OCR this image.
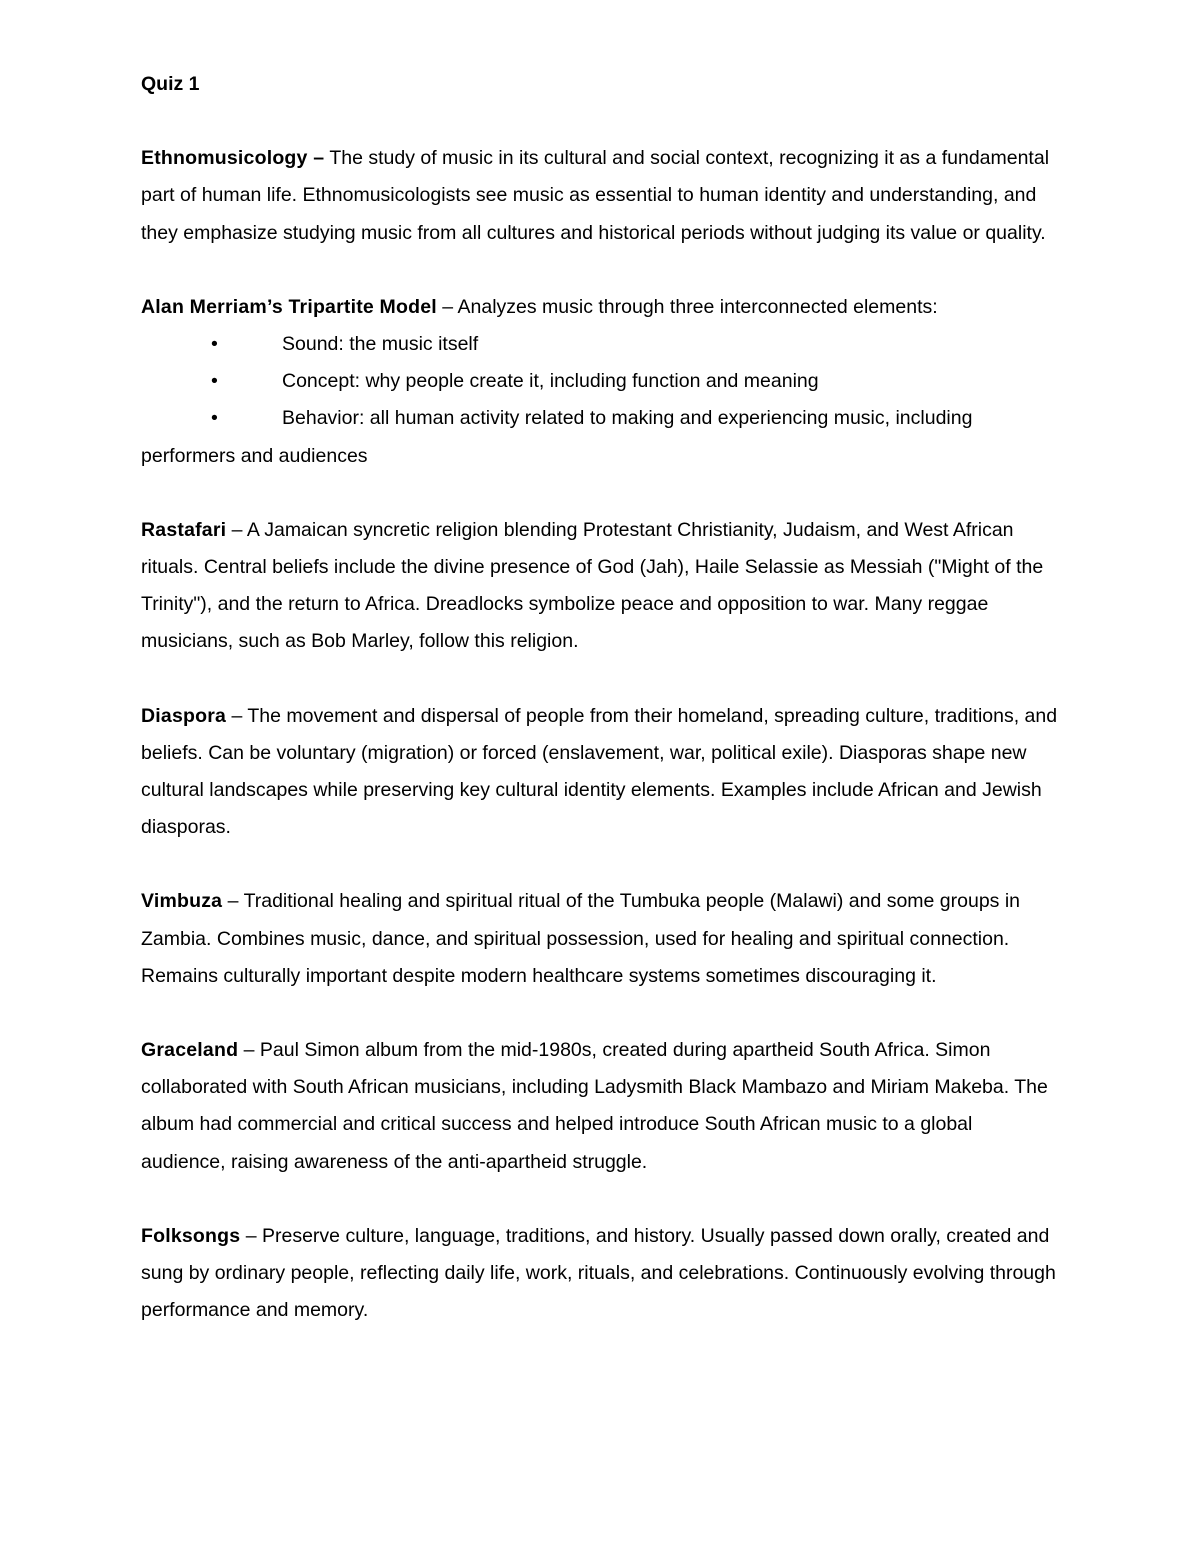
Quiz 1
Ethnomusicology – The study of music in its cultural and social context, recognizing it as a fundamental part of human life. Ethnomusicologists see music as essential to human identity and understanding, and they emphasize studying music from all cultures and historical periods without judging its value or quality.
Alan Merriam’s Tripartite Model – Analyzes music through three interconnected elements:
•	Sound: the music itself
•	Concept: why people create it, including function and meaning
•	Behavior: all human activity related to making and experiencing music, including performers and audiences
Rastafari – A Jamaican syncretic religion blending Protestant Christianity, Judaism, and West African rituals. Central beliefs include the divine presence of God (Jah), Haile Selassie as Messiah ("Might of the Trinity"), and the return to Africa. Dreadlocks symbolize peace and opposition to war. Many reggae musicians, such as Bob Marley, follow this religion.
Diaspora – The movement and dispersal of people from their homeland, spreading culture, traditions, and beliefs. Can be voluntary (migration) or forced (enslavement, war, political exile). Diasporas shape new cultural landscapes while preserving key cultural identity elements. Examples include African and Jewish diasporas.
Vimbuza – Traditional healing and spiritual ritual of the Tumbuka people (Malawi) and some groups in Zambia. Combines music, dance, and spiritual possession, used for healing and spiritual connection. Remains culturally important despite modern healthcare systems sometimes discouraging it.
Graceland – Paul Simon album from the mid-1980s, created during apartheid South Africa. Simon collaborated with South African musicians, including Ladysmith Black Mambazo and Miriam Makeba. The album had commercial and critical success and helped introduce South African music to a global audience, raising awareness of the anti-apartheid struggle.
Folksongs – Preserve culture, language, traditions, and history. Usually passed down orally, created and sung by ordinary people, reflecting daily life, work, rituals, and celebrations. Continuously evolving through performance and memory.
